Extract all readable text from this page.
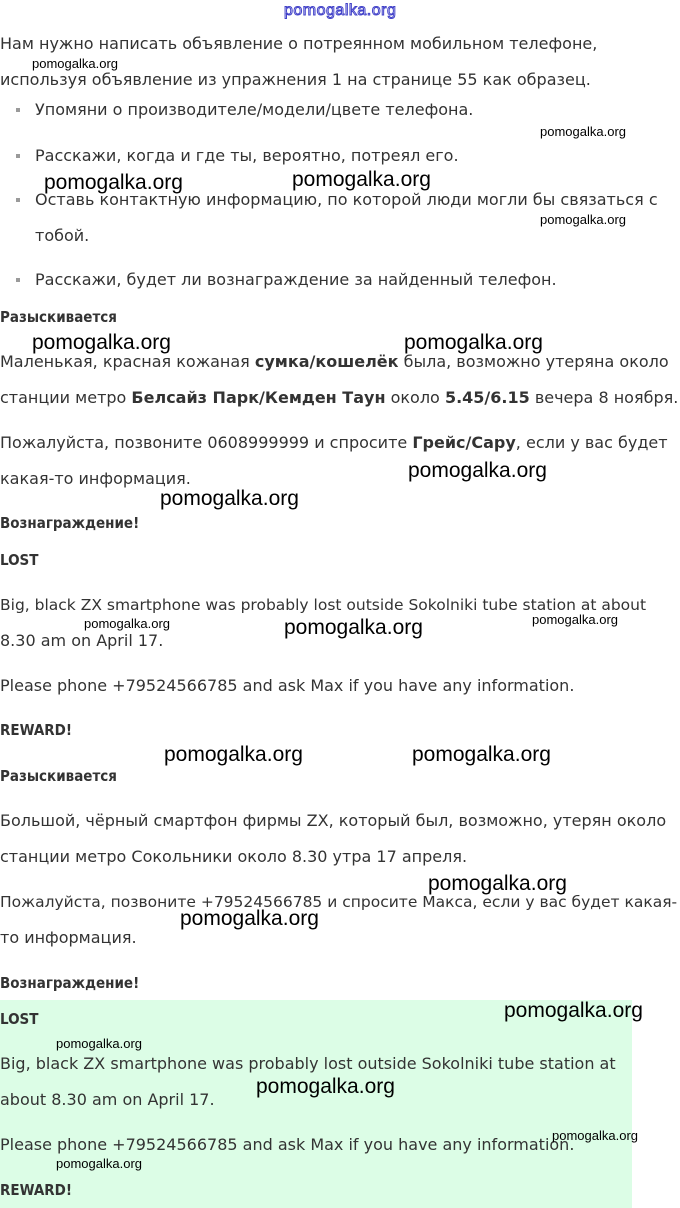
pomogalka.org

Нам нужно написать объявление о потреянном мобильном телефоне,

используя объявление из упражнения 1 на странице 55 как образец.

Упомяни о производителе/модели/цвете телефона.
Расскажи, когда и где ты, вероятно, потреял его.
Оставь контактную информацию, по которой люди могли бы связаться с
тобой.
Расскажи, будет ли вознаграждение за найденный телефон.
Разыскивается

Маленькая, красная кожаная сумка/кошелёк была, возможно утеряна около

станции метро Белсайз Парк/Кемден Таун около 5.45/6.15 вечера 8 ноября.

Пожалуйста, позвоните 0608999999 и спросите Грейс/Сару, если у вас будет

какая-то информация.

Вознаграждение!
LOST

Big, black ZX smartphone was probably lost outside Sokolniki tube station at about

8.30 am on April 17.

Please phone +79524566785 and ask Max if you have any information.

REWARD!
Разыскивается

Большой, чёрный смартфон фирмы ZX, который был, возможно, утерян около

станции метро Сокольники около 8.30 утра 17 апреля.

Пожалуйста, позвоните +79524566785 и спросите Макса, если у вас будет какая-

то информация.

Вознаграждение!
LOST

Big, black ZX smartphone was probably lost outside Sokolniki tube station at

about 8.30 am on April 17.

Please phone +79524566785 and ask Max if you have any information.

REWARD!
pomogalka.org
pomogalka.org
pomogalka.org	pomogalka.org
pomogalka.org
pomogalka.org	pomogalka.org
pomogalka.org
pomogalka.org
pomogalka.org	pomogalka.org	pomogalka.org
pomogalka.org	pomogalka.org
pomogalka.org
pomogalka.org
pomogalka.org
pomogalka.org
pomogalka.org
pomogalka.org
pomogalka.org
